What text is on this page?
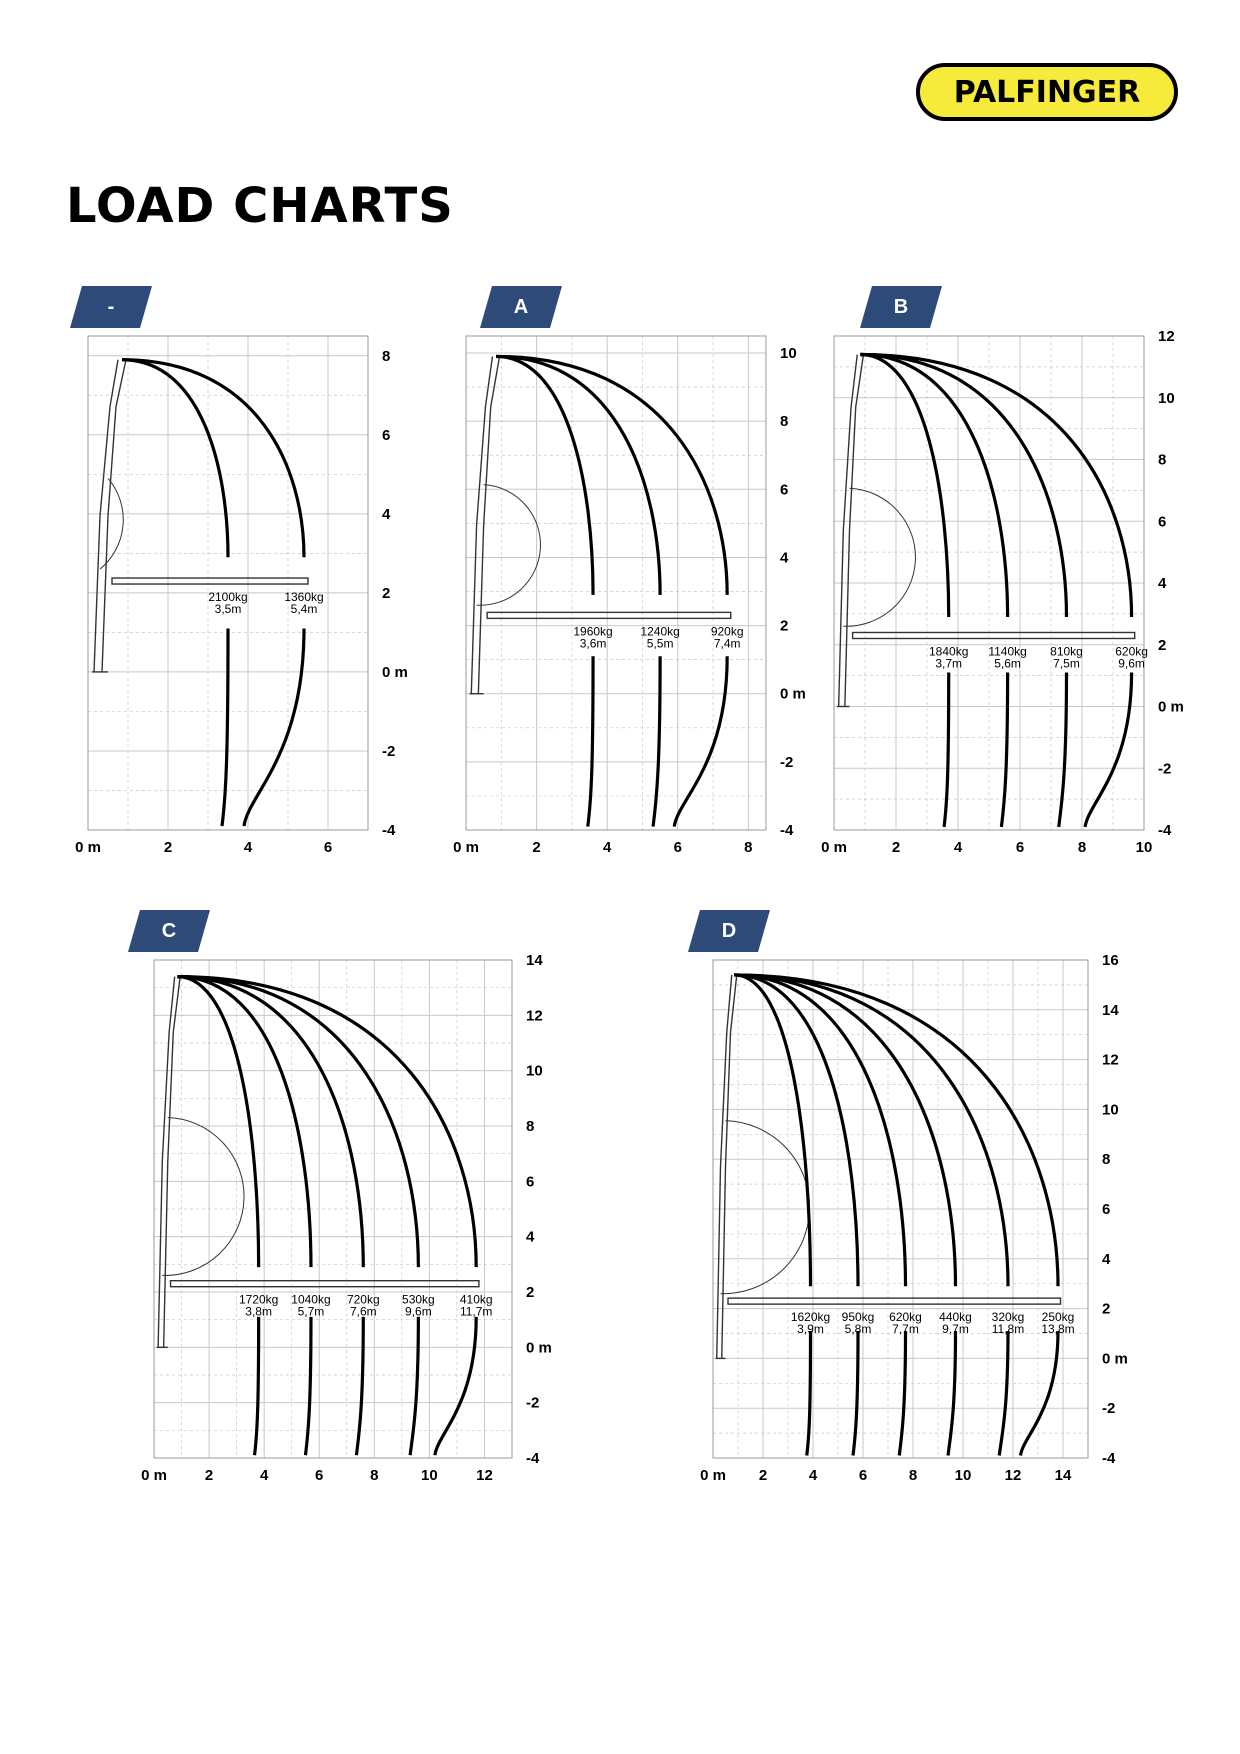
PALFINGER
LOAD CHARTS
-	A	B
C	D
0 m	2	4	6
8
6
4
2
0 m
-2
-4
2100kg
3,5m
1360kg
5,4m
0 m	2	4	6	8
10
8
6
4
2
0 m
-2
-4
1960kg
3,6m
1240kg
5,5m
920kg
7,4m
0 m	2	4	6	8	10
12
10
8
6
4
2
0 m
-2
-4
1840kg
3,7m
1140kg
5,6m
810kg
7,5m
620kg
9,6m
0 m	2	4	6	8	10	12
14
12
10
8
6
4
2
0 m
-2
-4
1720kg
3,8m
1040kg
5,7m
720kg
7,6m
530kg
9,6m
410kg
11,7m
0 m 2	4	6	8 10 12 14
16
14
12
10
8
6
4
2
0 m
-2
-4
1620kg
3,9m
950kg
5,8m
620kg
7,7m
440kg
9,7m
320kg
11,8m
250kg
13,8m
